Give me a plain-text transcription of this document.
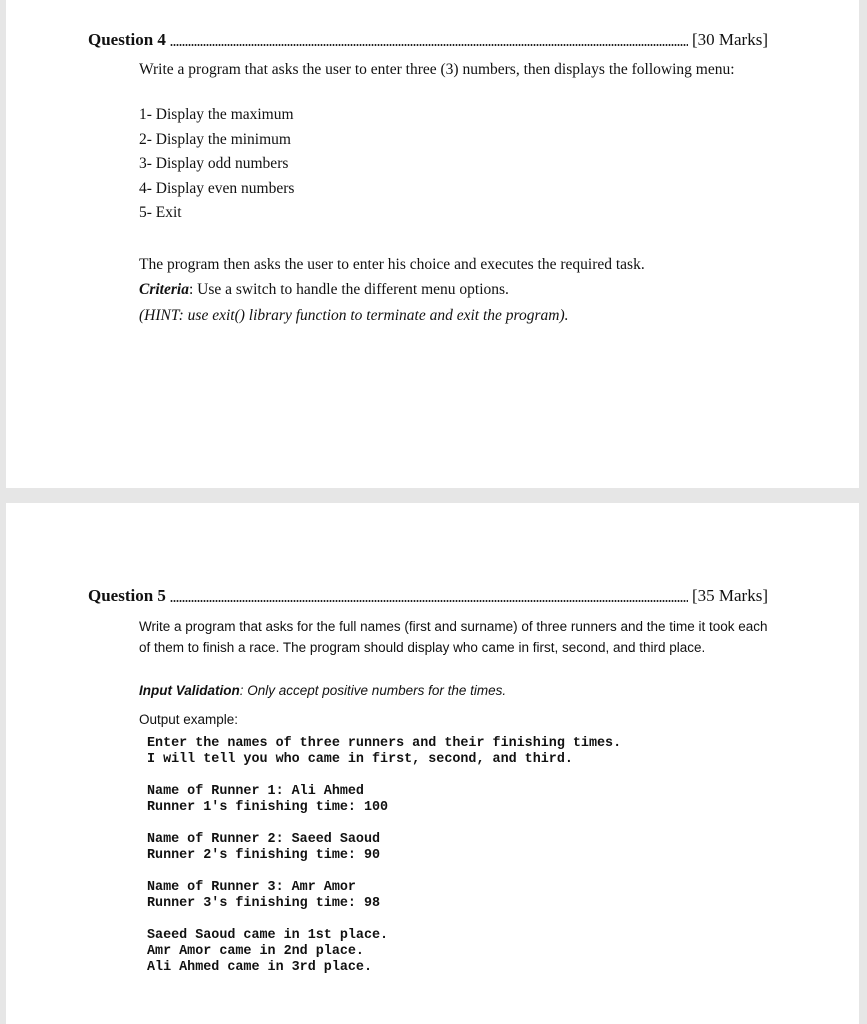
Question 4	[30 Marks]
Write a program that asks the user to enter three (3) numbers, then displays the following menu:
1- Display the maximum
2- Display the minimum
3- Display odd numbers
4- Display even numbers
5- Exit
The program then asks the user to enter his choice and executes the required task.
Criteria: Use a switch to handle the different menu options.
(HINT: use exit() library function to terminate and exit the program).
Question 5	[35 Marks]
Write a program that asks for the full names (first and surname) of three runners and the time it took each of them to finish a race. The program should display who came in first, second, and third place.
Input Validation: Only accept positive numbers for the times.
Output example:
Enter the names of three runners and their finishing times.
I will tell you who came in first, second, and third.
Name of Runner 1: Ali Ahmed
Runner 1's finishing time: 100
Name of Runner 2: Saeed Saoud
Runner 2's finishing time: 90
Name of Runner 3: Amr Amor
Runner 3's finishing time: 98
Saeed Saoud came in 1st place.
Amr Amor came in 2nd place.
Ali Ahmed came in 3rd place.
